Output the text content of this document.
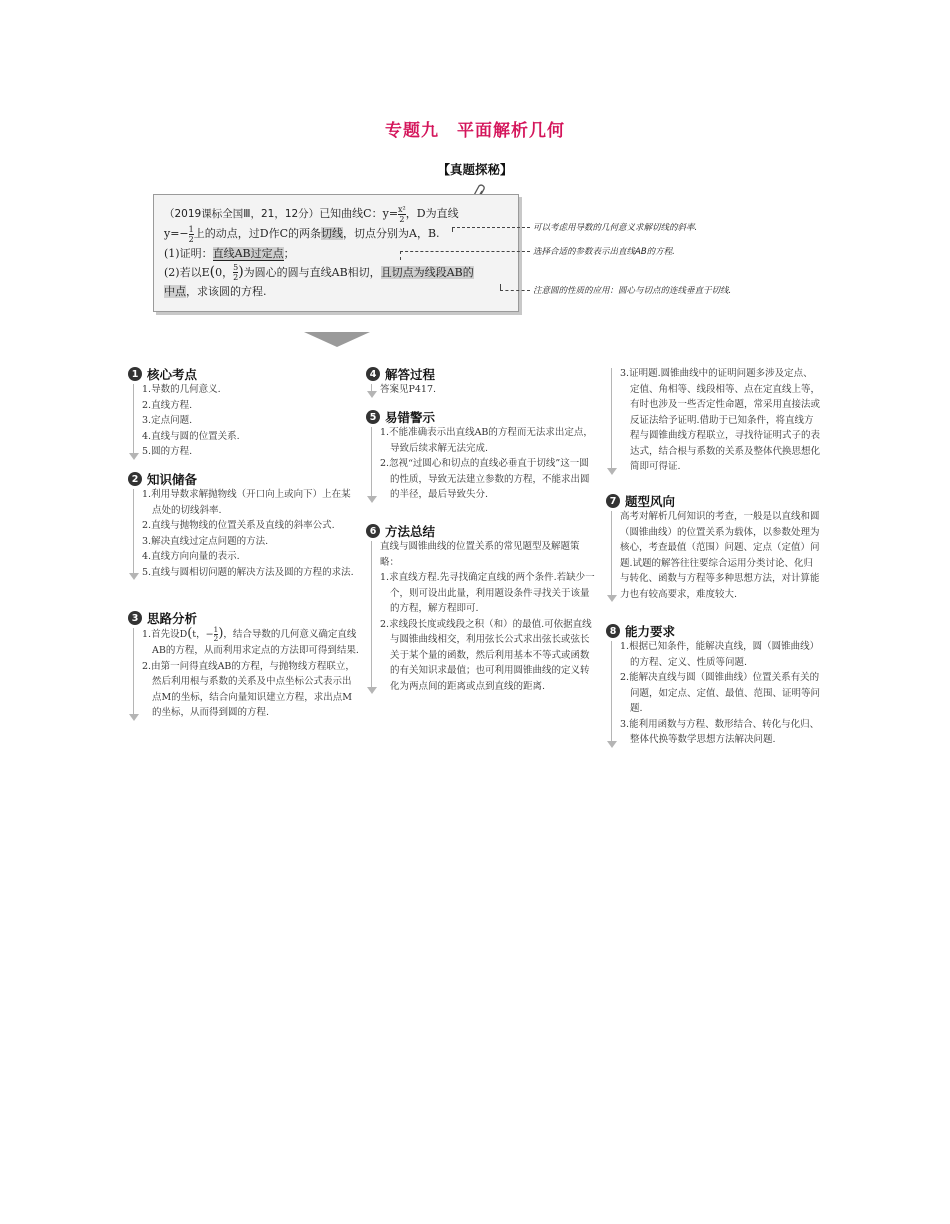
专题九　平面解析几何
【真题探秘】
（2019课标全国Ⅲ，21，12分）已知曲线C：$y= \frac{\text{x²}}{2}$ ，D为直线
$y=- \frac{1}{2}$ 上的动点，过D作C的两条切线，切点分别为A，B.
(1)证明：直线AB过定点；
(2)若以E(0， $\frac{5}{2}$ )为圆心的圆与直线AB相切，且切点为线段AB的
中点，求该圆的方程.
可以考虑用导数的几何意义求解切线的斜率.
选择合适的参数表示出直线AB的方程.
注意圆的性质的应用：圆心与切点的连线垂直于切线.
1 核心考点
1.导数的几何意义.
2.直线方程.
3.定点问题.
4.直线与圆的位置关系.
5.圆的方程.
2 知识储备
1.利用导数求解抛物线（开口向上或向下）上在某点处的切线斜率.
2.直线与抛物线的位置关系及直线的斜率公式.
3.解决直线过定点问题的方法.
4.直线方向向量的表示.
5.直线与圆相切问题的解决方法及圆的方程的求法.
3 思路分析
1.首先设D(t，− $\frac{1}{2}$ )，结合导数的几何意义确定直线AB的方程，从而利用求定点的方法即可得到结果.
2.由第一问得直线AB的方程，与抛物线方程联立，然后利用根与系数的关系及中点坐标公式表示出点M的坐标，结合向量知识建立方程，求出点M的坐标，从而得到圆的方程.
4 解答过程
答案见P417.
5 易错警示
1.不能准确表示出直线AB的方程而无法求出定点，导致后续求解无法完成.
2.忽视“过圆心和切点的直线必垂直于切线”这一圆的性质，导致无法建立参数的方程，不能求出圆的半径，最后导致失分.
6 方法总结
直线与圆锥曲线的位置关系的常见题型及解题策略：
1.求直线方程.先寻找确定直线的两个条件.若缺少一个，则可设出此量，利用题设条件寻找关于该量的方程，解方程即可.
2.求线段长度或线段之积（和）的最值.可依据直线与圆锥曲线相交，利用弦长公式求出弦长或弦长关于某个量的函数，然后利用基本不等式或函数的有关知识求最值；也可利用圆锥曲线的定义转化为两点间的距离或点到直线的距离.
3.证明题.圆锥曲线中的证明问题多涉及定点、定值、角相等、线段相等、点在定直线上等，有时也涉及一些否定性命题，常采用直接法或反证法给予证明.借助于已知条件，将直线方程与圆锥曲线方程联立，寻找待证明式子的表达式，结合根与系数的关系及整体代换思想化简即可得证.
7 题型风向
高考对解析几何知识的考查，一般是以直线和圆（圆锥曲线）的位置关系为载体，以参数处理为核心，考查最值（范围）问题、定点（定值）问题.试题的解答往往要综合运用分类讨论、化归与转化、函数与方程等多种思想方法，对计算能力也有较高要求，难度较大.
8 能力要求
1.根据已知条件，能解决直线，圆（圆锥曲线）的方程、定义、性质等问题.
2.能解决直线与圆（圆锥曲线）位置关系有关的问题，如定点、定值、最值、范围、证明等问题.
3.能利用函数与方程、数形结合、转化与化归、整体代换等数学思想方法解决问题.
